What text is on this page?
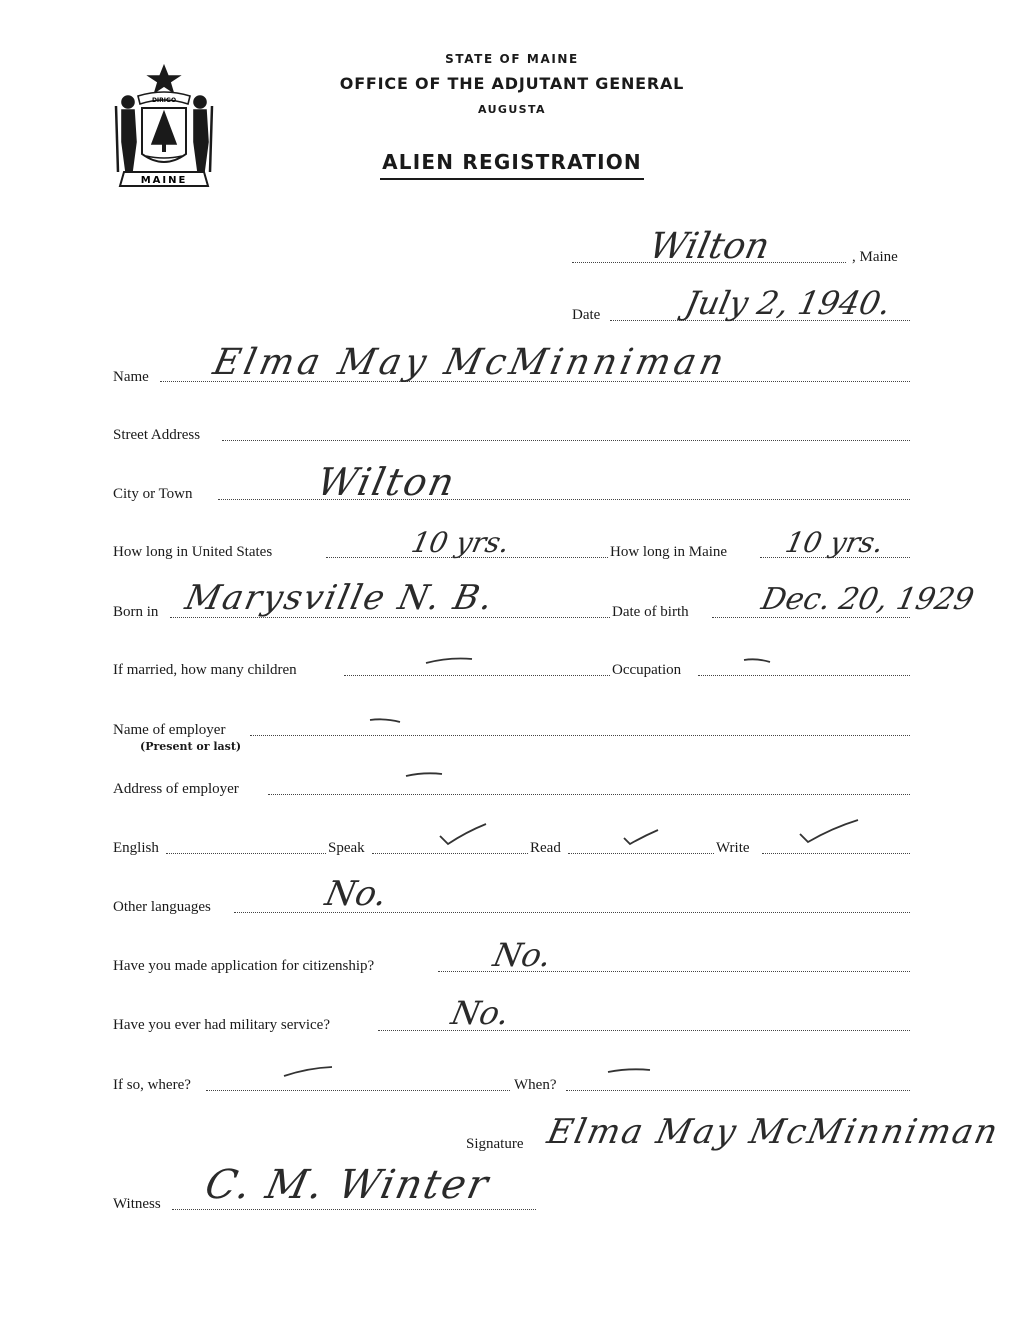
DIRIGO
MAINE
STATE OF MAINE
OFFICE OF THE ADJUTANT GENERAL
AUGUSTA
ALIEN REGISTRATION
Wilton	, Maine
Date	July 2, 1940.
Name Elma May McMinniman
Street Address
City or Town	Wilton
How long in United States	10 yrs.	How long in Maine 10 yrs.
Born in Marysville N. B.	Date of birth Dec. 20, 1929
If married, how many children	Occupation
Name of employer
(Present or last)
Address of employer
English	Speak	Read	Write
Other languages	No.
Have you made application for citizenship?	No.
Have you ever had military service?	No.
If so, where?	When?
Signature Elma May McMinniman
Witness C. M. Winter
